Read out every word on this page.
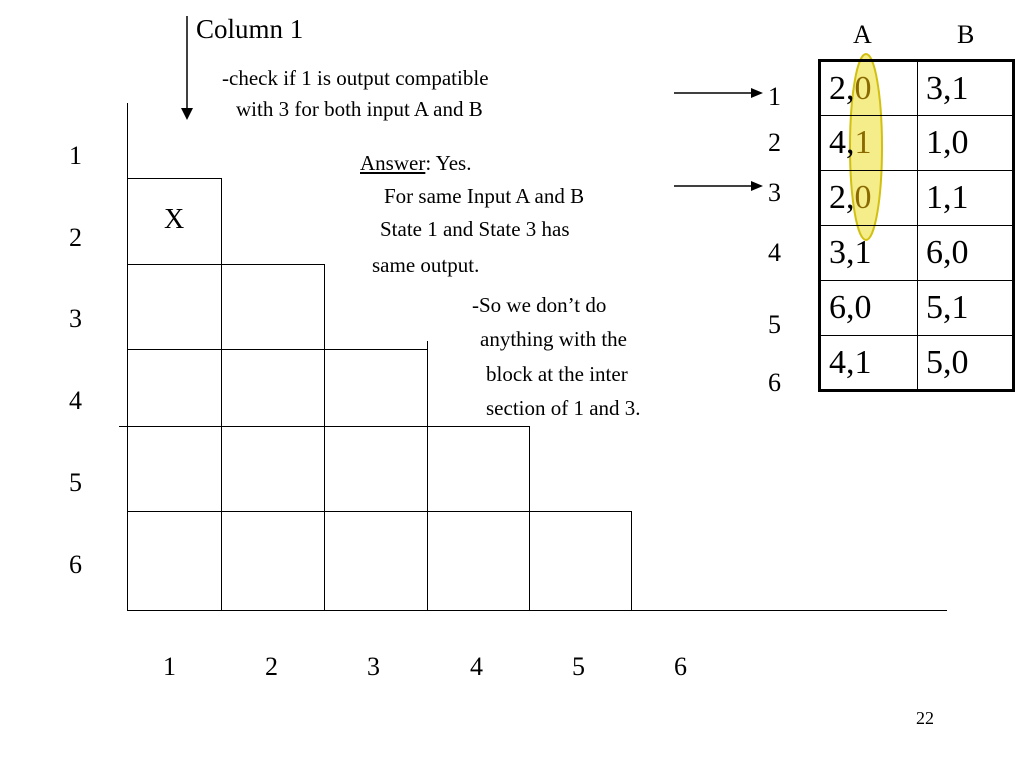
Column 1
-check if 1 is output compatible
with 3 for both input A and B
Answer: Yes.
For same Input A and B
State 1 and State 3 has
same output.
-So we don’t do
anything with the
block at the inter
section of 1 and 3.
X
1
2
3
4
5
6
1	2	3	4	5	6
A	B
1
2
3
4
5
6
2,0	3,1
4,1	1,0
2,0	1,1
3,1	6,0
6,0	5,1
4,1	5,0
22
